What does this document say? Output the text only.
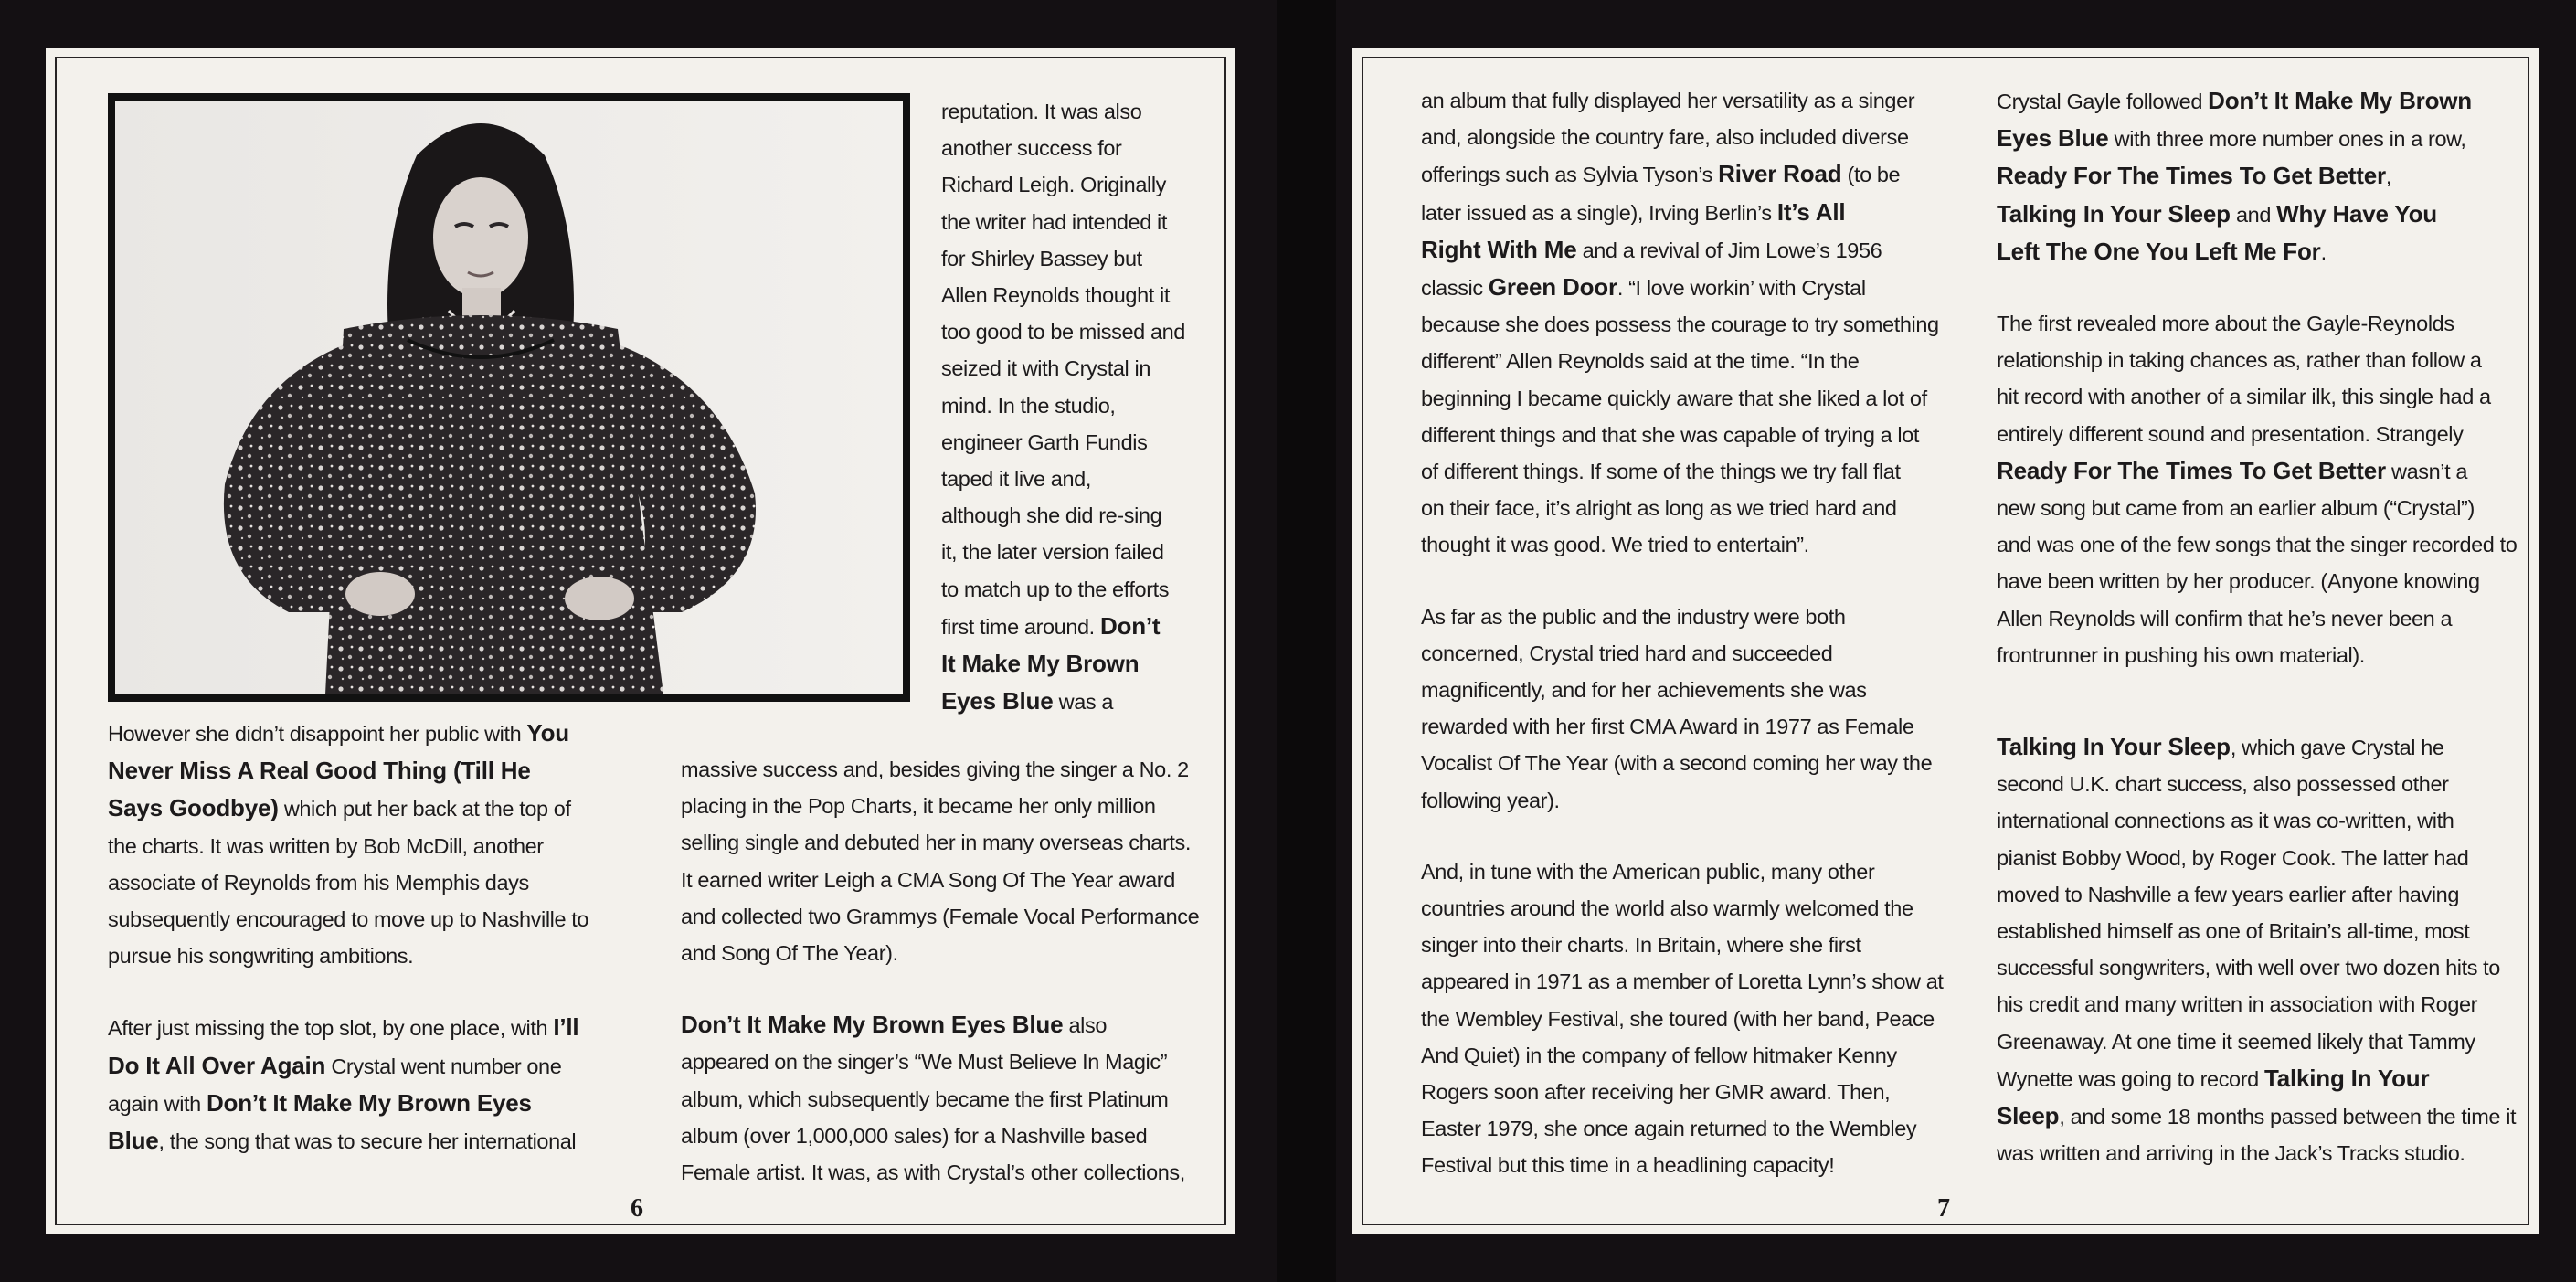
However she didn’t disappoint her public with You
Never Miss A Real Good Thing (Till He
Says Goodbye) which put her back at the top of
the charts. It was written by Bob McDill, another
associate of Reynolds from his Memphis days
subsequently encouraged to move up to Nashville to
pursue his songwriting ambitions.

After just missing the top slot, by one place, with I’ll
Do It All Over Again Crystal went number one
again with Don’t It Make My Brown Eyes
Blue, the song that was to secure her international

reputation. It was also
another success for
Richard Leigh. Originally
the writer had intended it
for Shirley Bassey but
Allen Reynolds thought it
too good to be missed and
seized it with Crystal in
mind. In the studio,
engineer Garth Fundis
taped it live and,
although she did re-sing
it, the later version failed
to match up to the efforts
first time around. Don’t
It Make My Brown
Eyes Blue was a

massive success and, besides giving the singer a No. 2
placing in the Pop Charts, it became her only million
selling single and debuted her in many overseas charts.
It earned writer Leigh a CMA Song Of The Year award
and collected two Grammys (Female Vocal Performance
and Song Of The Year).

Don’t It Make My Brown Eyes Blue also
appeared on the singer’s “We Must Believe In Magic”
album, which subsequently became the first Platinum
album (over 1,000,000 sales) for a Nashville based
Female artist. It was, as with Crystal’s other collections,

6

an album that fully displayed her versatility as a singer
and, alongside the country fare, also included diverse
offerings such as Sylvia Tyson’s River Road (to be
later issued as a single), Irving Berlin’s It’s All
Right With Me and a revival of Jim Lowe’s 1956
classic Green Door. “I love workin’ with Crystal
because she does possess the courage to try something
different” Allen Reynolds said at the time. “In the
beginning I became quickly aware that she liked a lot of
different things and that she was capable of trying a lot
of different things. If some of the things we try fall flat
on their face, it’s alright as long as we tried hard and
thought it was good. We tried to entertain”.

As far as the public and the industry were both
concerned, Crystal tried hard and succeeded
magnificently, and for her achievements she was
rewarded with her first CMA Award in 1977 as Female
Vocalist Of The Year (with a second coming her way the
following year).

And, in tune with the American public, many other
countries around the world also warmly welcomed the
singer into their charts. In Britain, where she first
appeared in 1971 as a member of Loretta Lynn’s show at
the Wembley Festival, she toured (with her band, Peace
And Quiet) in the company of fellow hitmaker Kenny
Rogers soon after receiving her GMR award. Then,
Easter 1979, she once again returned to the Wembley
Festival but this time in a headlining capacity!

Crystal Gayle followed Don’t It Make My Brown
Eyes Blue with three more number ones in a row,
Ready For The Times To Get Better,
Talking In Your Sleep and Why Have You
Left The One You Left Me For.

The first revealed more about the Gayle-Reynolds
relationship in taking chances as, rather than follow a
hit record with another of a similar ilk, this single had a
entirely different sound and presentation. Strangely
Ready For The Times To Get Better wasn’t a
new song but came from an earlier album (“Crystal”)
and was one of the few songs that the singer recorded to
have been written by her producer. (Anyone knowing
Allen Reynolds will confirm that he’s never been a
frontrunner in pushing his own material).

Talking In Your Sleep, which gave Crystal he
second U.K. chart success, also possessed other
international connections as it was co-written, with
pianist Bobby Wood, by Roger Cook. The latter had
moved to Nashville a few years earlier after having
established himself as one of Britain’s all-time, most
successful songwriters, with well over two dozen hits to
his credit and many written in association with Roger
Greenaway. At one time it seemed likely that Tammy
Wynette was going to record Talking In Your
Sleep, and some 18 months passed between the time it
was written and arriving in the Jack’s Tracks studio.

7
